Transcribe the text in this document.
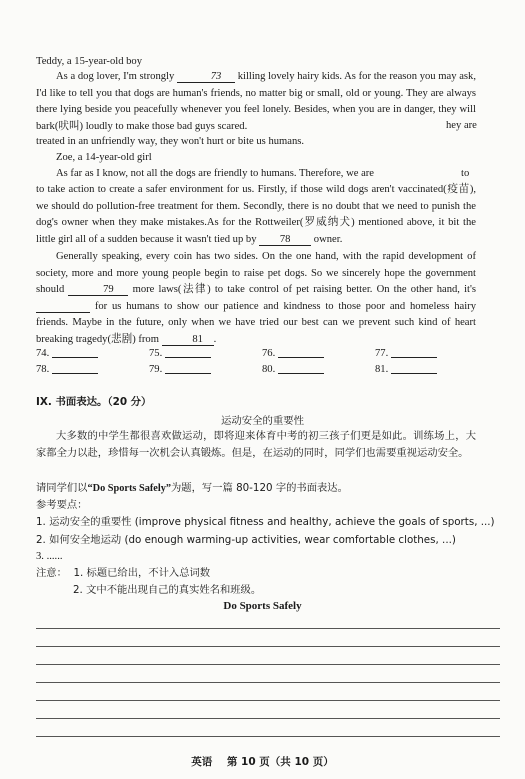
Teddy, a 15-year-old boy
As a dog lover, I'm strongly	73 killing lovely hairy kids. As for the reason you may ask, I'd like to tell you that dogs are human's friends, no matter big or small, old or young. They are always there lying beside you peacefully whenever you feel lonely. Besides, when you are in danger, they will bark(吠叫) loudly to make those bad guys scared.	hey are
treated in an unfriendly way, they won't hurt or bite us humans.
Zoe, a 14-year-old girl
As far as I know, not all the dogs are friendly to humans. Therefore, we are	to
to take action to create a safer environment for us. Firstly, if those wild dogs aren't vaccinated(疫苗), we should do pollution-free treatment for them. Secondly, there is no doubt that we need to punish the dog's owner when they make mistakes.As for the Rottweiler(罗威纳犬) mentioned above, it bit the little girl all of a sudden because it wasn't tied up by 78 owner.
Generally speaking, every coin has two sides. On the one hand, with the rapid development of society, more and more young people begin to raise pet dogs. So we sincerely hope the government should	79 more laws(法律) to take control of pet raising better. On the other hand, it's   for us humans to show our patience and kindness to those poor and homeless hairy friends. Maybe in the future, only when we have tried our best can we prevent such kind of heart breaking tragedy(悲剧) from	81 .
74.	75.	76.	77.
78.	79.	80.	81.
IX. 书面表达。（20 分）
运动安全的重要性
大多数的中学生都很喜欢做运动，即将迎来体育中考的初三孩子们更是如此。训练场上，大家都全力以赴，珍惜每一次机会认真锻炼。但是，在运动的同时，同学们也需要重视运动安全。
请同学们以“Do Sports Safely”为题，写一篇 80-120 字的书面表达。
参考要点：
1. 运动安全的重要性 (improve physical fitness and healthy, achieve the goals of sports, ...)
2. 如何安全地运动 (do enough warming-up activities, wear comfortable clothes, ...)
3. ......
注意： 1. 标题已给出，不计入总词数
2. 文中不能出现自己的真实姓名和班级。
Do Sports Safely
英语    第 10 页（共 10 页）
